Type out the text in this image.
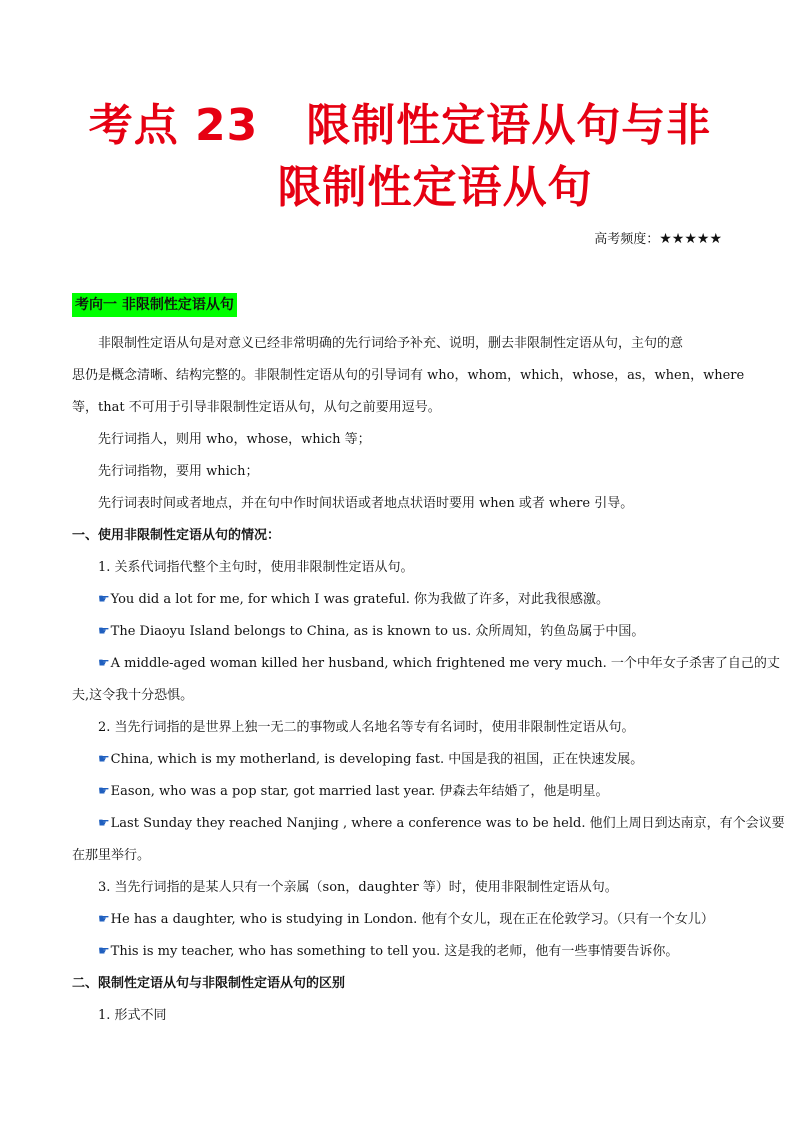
考点 23 限制性定语从句与非
限制性定语从句
高考频度：★★★★★
考向一 非限制性定语从句

非限制性定语从句是对意义已经非常明确的先行词给予补充、说明，删去非限制性定语从句，主句的意

思仍是概念清晰、结构完整的。非限制性定语从句的引导词有 who，whom，which，whose，as，when，where

等，that 不可用于引导非限制性定语从句，从句之前要用逗号。

先行词指人，则用 who，whose，which 等；

先行词指物，要用 which；

先行词表时间或者地点，并在句中作时间状语或者地点状语时要用 when 或者 where 引导。

一、使用非限制性定语从句的情况：

1. 关系代词指代整个主句时，使用非限制性定语从句。

☛You did a lot for me, for which I was grateful. 你为我做了许多，对此我很感激。

☛The Diaoyu Island belongs to China, as is known to us. 众所周知，钓鱼岛属于中国。

☛A middle-aged woman killed her husband, which frightened me very much. 一个中年女子杀害了自己的丈

夫,这令我十分恐惧。

2. 当先行词指的是世界上独一无二的事物或人名地名等专有名词时，使用非限制性定语从句。

☛China, which is my motherland, is developing fast. 中国是我的祖国，正在快速发展。

☛Eason, who was a pop star, got married last year. 伊森去年结婚了，他是明星。

☛Last Sunday they reached Nanjing , where a conference was to be held. 他们上周日到达南京，有个会议要

在那里举行。

3. 当先行词指的是某人只有一个亲属（son，daughter 等）时，使用非限制性定语从句。

☛He has a daughter, who is studying in London. 他有个女儿，现在正在伦敦学习。（只有一个女儿）

☛This is my teacher, who has something to tell you. 这是我的老师，他有一些事情要告诉你。

二、限制性定语从句与非限制性定语从句的区别

1. 形式不同
